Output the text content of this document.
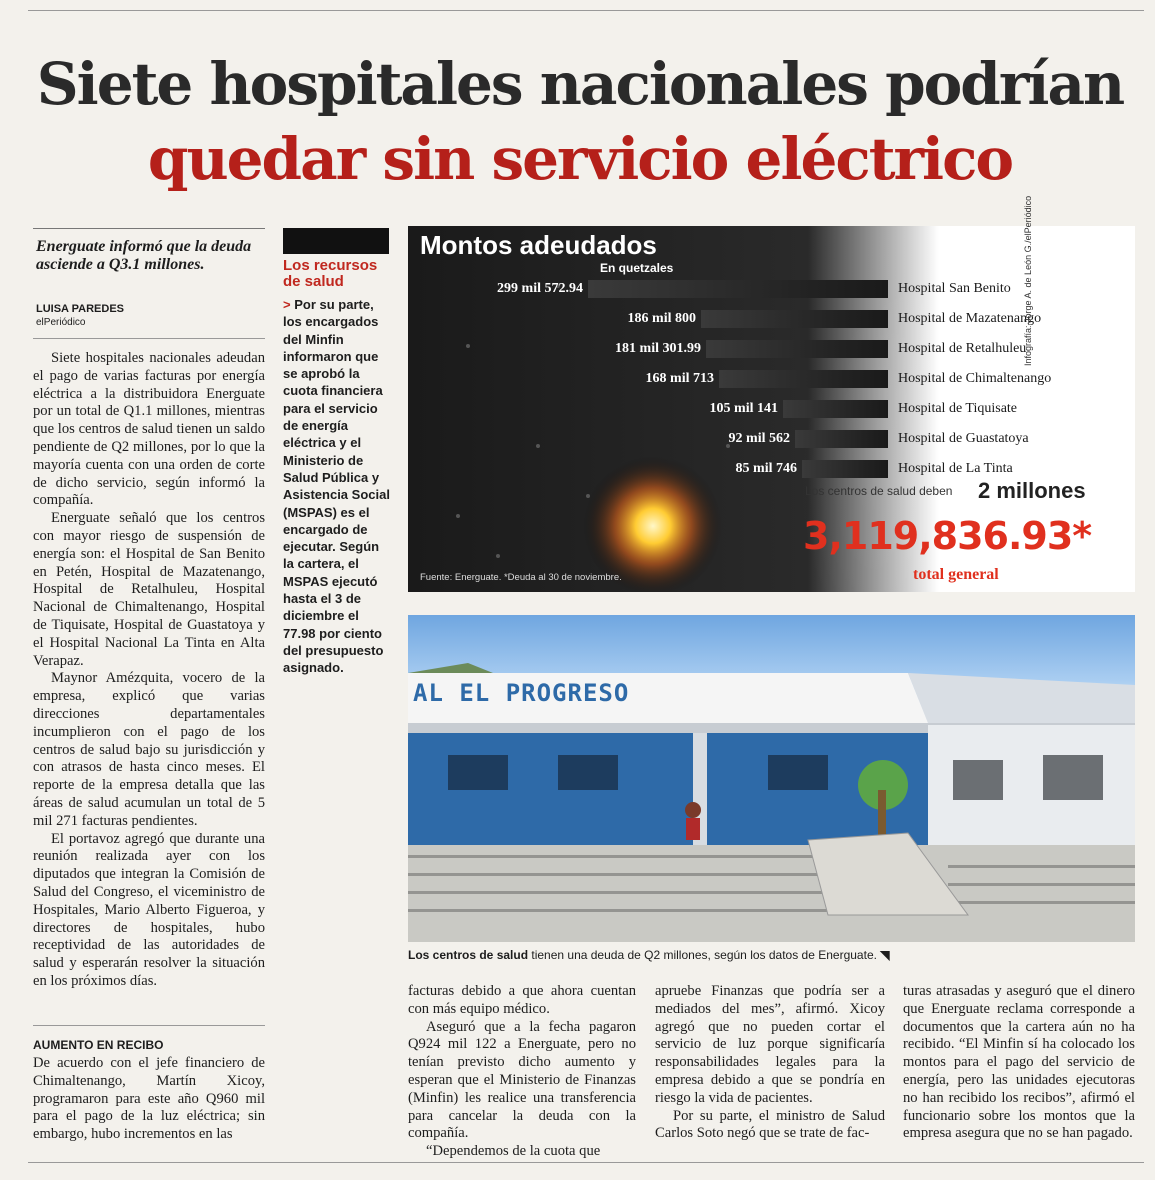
Siete hospitales nacionales podrían
quedar sin servicio eléctrico
Energuate informó que la deuda asciende a Q3.1 millones.
LUISA PAREDES
elPeriódico

Siete hospitales nacionales adeudan el pago de varias facturas por energía eléctrica a la distribuidora Energuate por un total de Q1.1 millones, mientras que los centros de salud tienen un saldo pendiente de Q2 millones, por lo que la mayoría cuenta con una orden de corte de dicho servicio, según informó la compañía.

Energuate señaló que los centros con mayor riesgo de suspensión de energía son: el Hospital de San Benito en Petén, Hospital de Mazatenango, Hospital de Retalhuleu, Hospital Nacional de Chimaltenango, Hospital de Tiquisate, Hospital de Guastatoya y el Hospital Nacional La Tinta en Alta Verapaz.

Maynor Amézquita, vocero de la empresa, explicó que varias direcciones departamentales incumplieron con el pago de los centros de salud bajo su jurisdicción y con atrasos de hasta cinco meses. El reporte de la empresa detalla que las áreas de salud acumulan un total de 5 mil 271 facturas pendientes.

El portavoz agregó que durante una reunión realizada ayer con los diputados que integran la Comisión de Salud del Congreso, el viceministro de Hospitales, Mario Alberto Figueroa, y directores de hospitales, hubo receptividad de las autoridades de salud y esperarán resolver la situación en los próximos días.

AUMENTO EN RECIBO

De acuerdo con el jefe financiero de Chimaltenango, Martín Xicoy, programaron para este año Q960 mil para el pago de la luz eléctrica; sin embargo, hubo incrementos en las

Los recursos de salud
> Por su parte, los encargados del Minfin informaron que se aprobó la cuota financiera para el servicio de energía eléctrica y el Ministerio de Salud Pública y Asistencia Social (MSPAS) es el encargado de ejecutar. Según la cartera, el MSPAS ejecutó hasta el 3 de diciembre el 77.98 por ciento del presupuesto asignado.
Montos adeudados
En quetzales
299 mil 572.94	Hospital San Benito
186 mil 800	Hospital de Mazatenango
181 mil 301.99	Hospital de Retalhuleu
168 mil 713	Hospital de Chimaltenango
105 mil 141	Hospital de Tiquisate
92 mil 562	Hospital de Guastatoya
85 mil 746	Hospital de La Tinta
Los centros de salud deben 2 millones
3,119,836.93*
total general
Fuente: Energuate. *Deuda al 30 de noviembre.
Infografía: Jorge A. de León G./elPeriódico
AL EL PROGRESO
Los centros de salud tienen una deuda de Q2 millones, según los datos de Energuate. ◥

facturas debido a que ahora cuentan con más equipo médico.

Aseguró que a la fecha pagaron Q924 mil 122 a Energuate, pero no tenían previsto dicho aumento y esperan que el Ministerio de Finanzas (Minfin) les realice una transferencia para cancelar la deuda con la compañía.

“Dependemos de la cuota que

apruebe Finanzas que podría ser a mediados del mes”, afirmó. Xicoy agregó que no pueden cortar el servicio de luz porque significaría responsabilidades legales para la empresa debido a que se pondría en riesgo la vida de pacientes.

Por su parte, el ministro de Salud Carlos Soto negó que se trate de fac-

turas atrasadas y aseguró que el dinero que Energuate reclama corresponde a documentos que la cartera aún no ha recibido. “El Minfin sí ha colocado los montos para el pago del servicio de energía, pero las unidades ejecutoras no han recibido los recibos”, afirmó el funcionario sobre los montos que la empresa asegura que no se han pagado.
